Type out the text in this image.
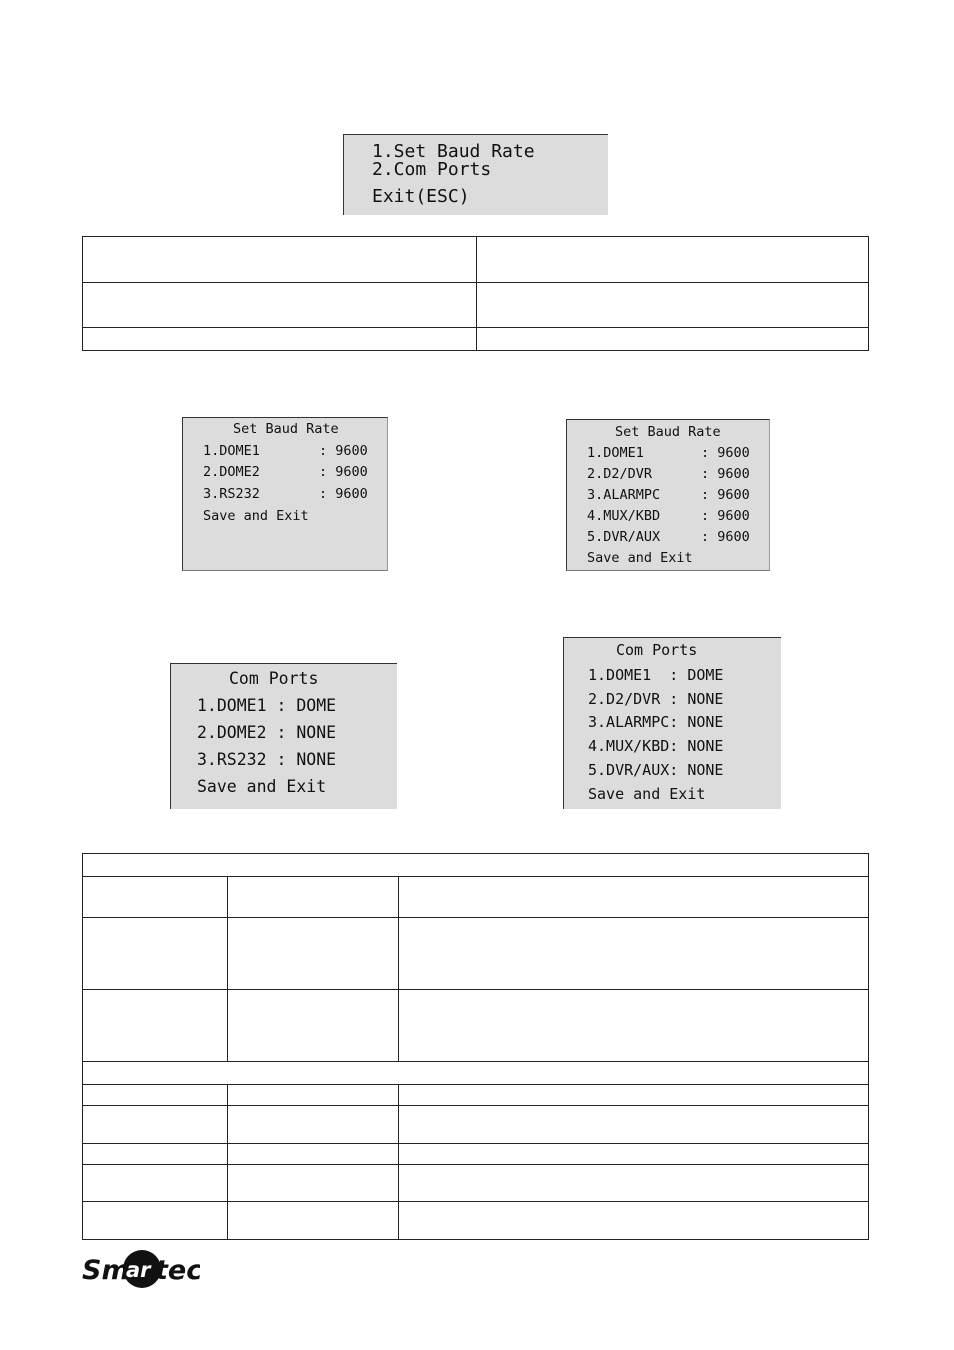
1.Set Baud Rate
2.Com Ports
Exit(ESC)

Set Baud Rate
1.DOME1	: 9600
2.DOME2	: 9600
3.RS232	: 9600
Save and Exit
Set Baud Rate
1.DOME1	: 9600
2.D2/DVR	: 9600
3.ALARMPC	: 9600
4.MUX/KBD	: 9600
5.DVR/AUX	: 9600
Save and Exit
Com Ports
1.DOME1 : DOME
2.DOME2 : NONE
3.RS232 : NONE
Save and Exit
Com Ports
1.DOME1  : DOME
2.D2/DVR : NONE
3.ALARMPC: NONE
4.MUX/KBD: NONE
5.DVR/AUX: NONE
Save and Exit

Sm
ar tec
